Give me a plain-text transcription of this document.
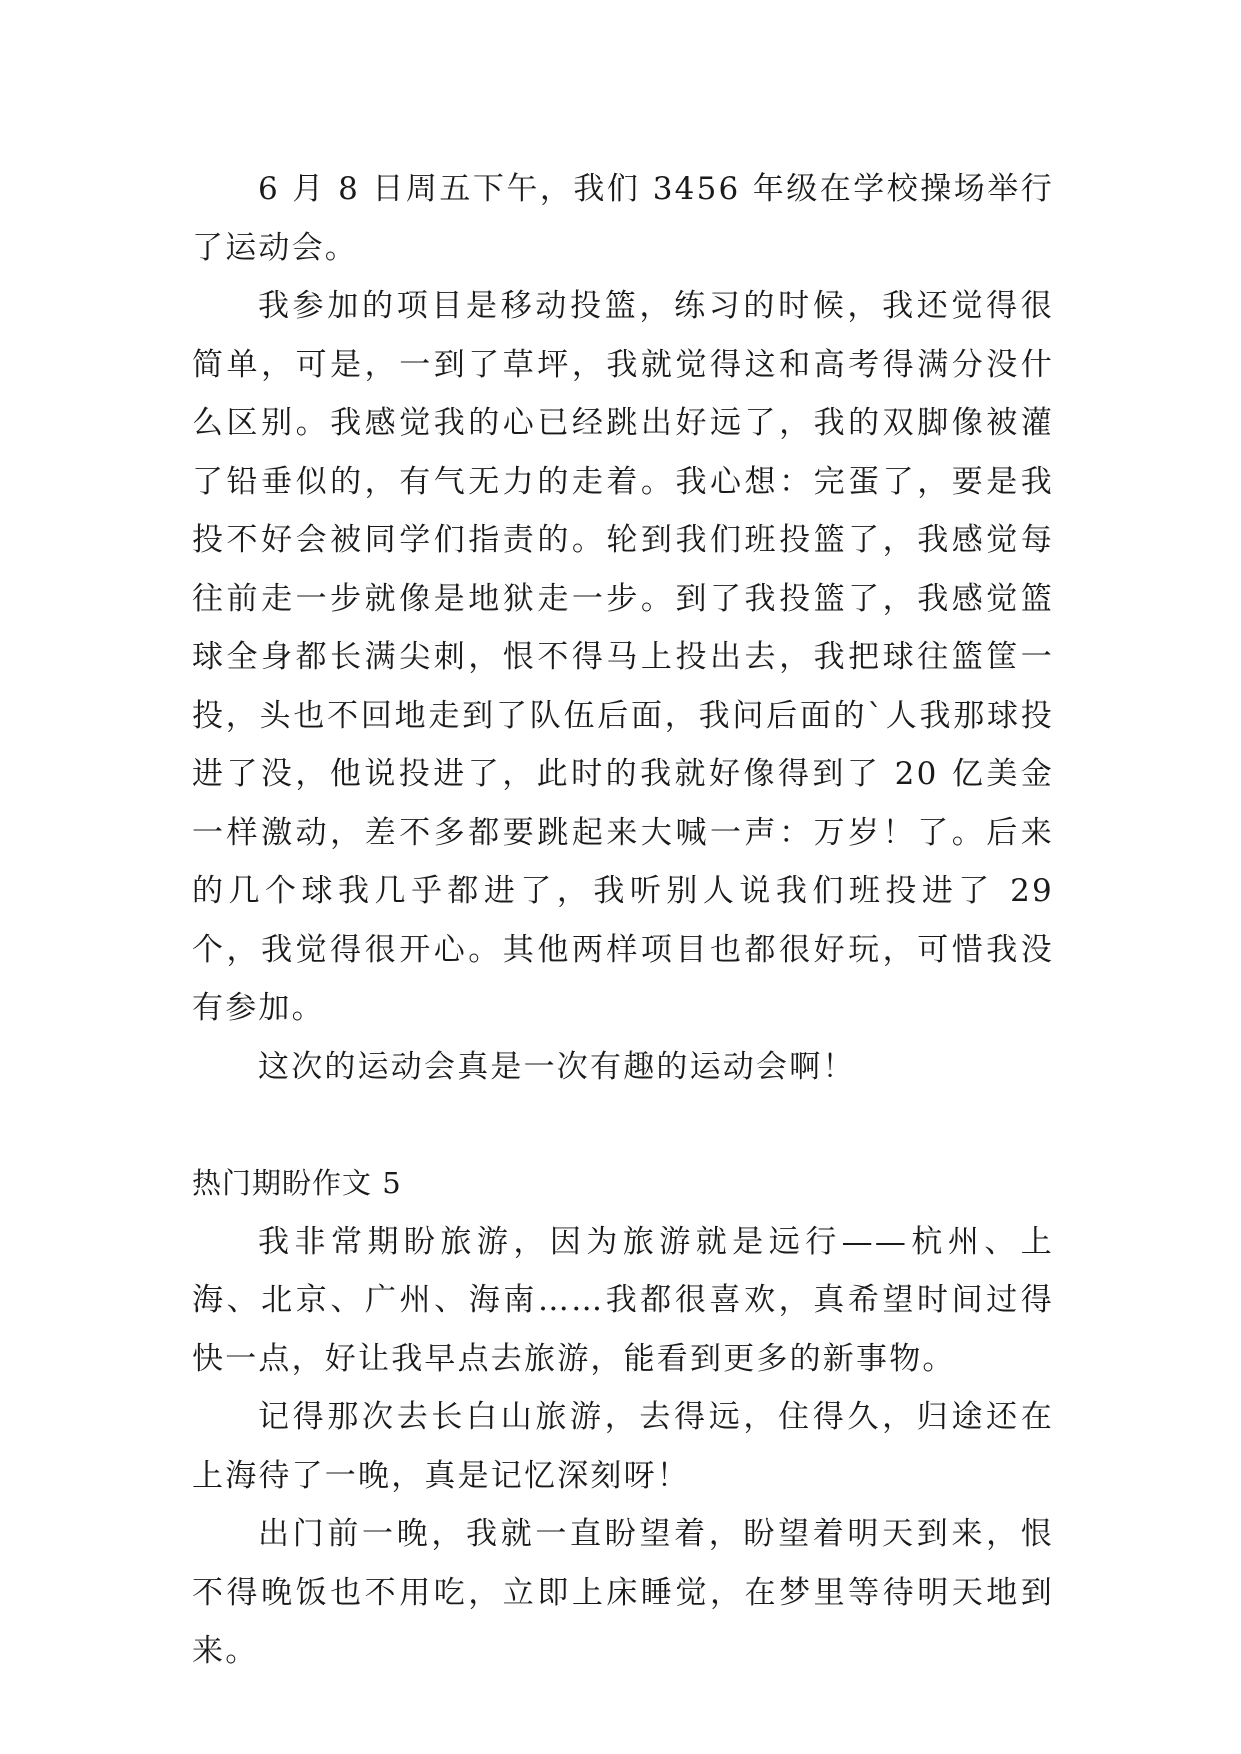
6 月 8 日周五下午，我们 3456 年级在学校操场举行了运动会。

我参加的项目是移动投篮，练习的时候，我还觉得很简单，可是，一到了草坪，我就觉得这和高考得满分没什么区别。我感觉我的心已经跳出好远了，我的双脚像被灌了铅垂似的，有气无力的走着。我心想：完蛋了，要是我投不好会被同学们指责的。轮到我们班投篮了，我感觉每往前走一步就像是地狱走一步。到了我投篮了，我感觉篮球全身都长满尖刺，恨不得马上投出去，我把球往篮筐一投，头也不回地走到了队伍后面，我问后面的`人我那球投进了没，他说投进了，此时的我就好像得到了 20 亿美金一样激动，差不多都要跳起来大喊一声：万岁！了。后来的几个球我几乎都进了，我听别人说我们班投进了 29 个，我觉得很开心。其他两样项目也都很好玩，可惜我没有参加。

这次的运动会真是一次有趣的运动会啊！

热门期盼作文 5

我非常期盼旅游，因为旅游就是远行——杭州、上海、北京、广州、海南……我都很喜欢，真希望时间过得快一点，好让我早点去旅游，能看到更多的新事物。

记得那次去长白山旅游，去得远，住得久，归途还在上海待了一晚，真是记忆深刻呀！

出门前一晚，我就一直盼望着，盼望着明天到来，恨不得晚饭也不用吃，立即上床睡觉，在梦里等待明天地到来。
